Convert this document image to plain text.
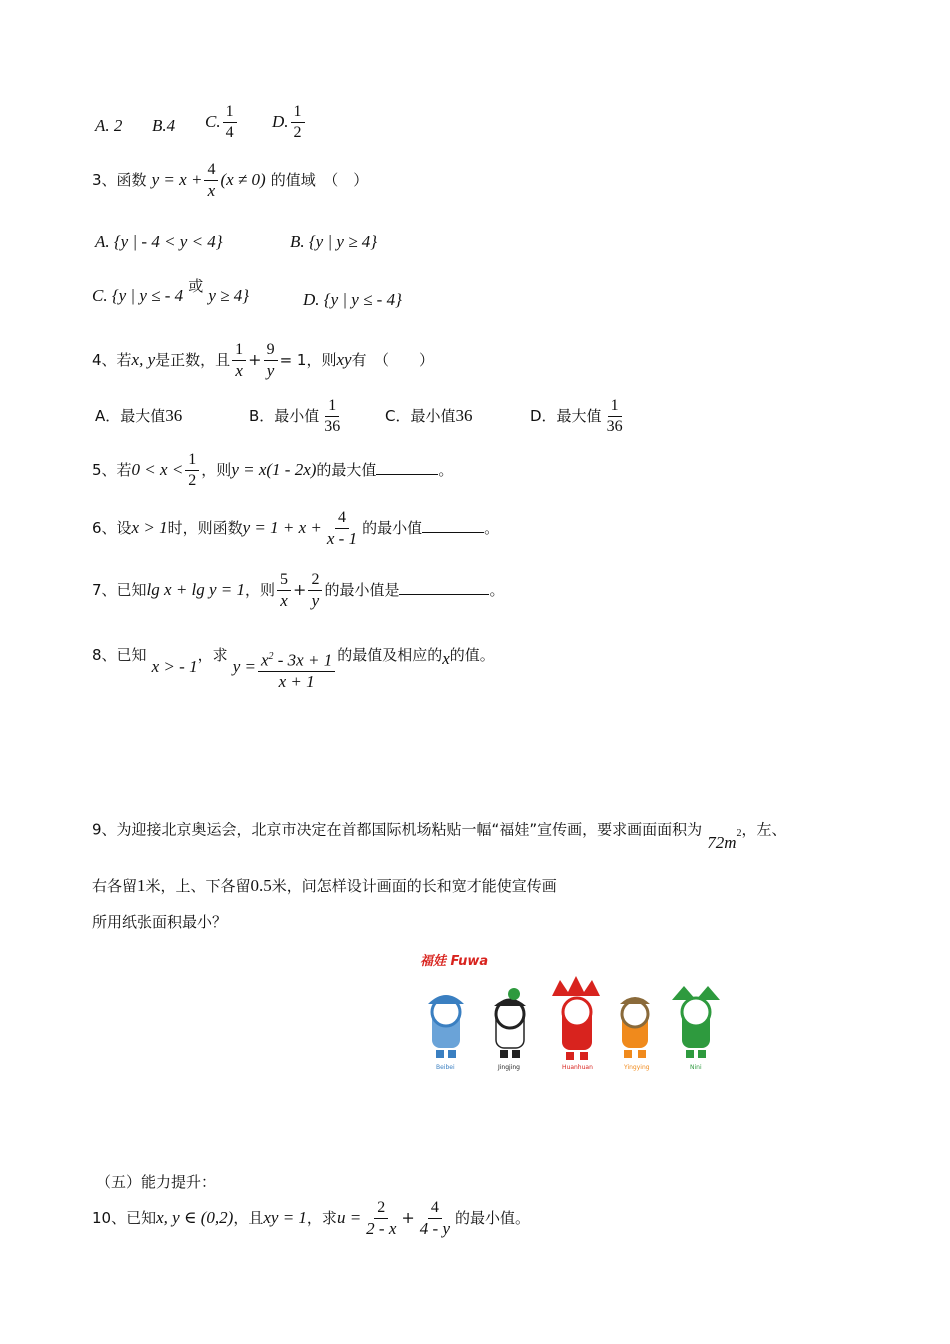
A. 2 B.4 C. $\frac{1}{4} D$. $\frac{1}{2}$
3、函数 $y = x + \frac{4}{x} (x \ne 0)$ 的值域　（　）
A. {y | - 4 < y < 4}	B. {y | y ≥ 4}
C. {y | y ≤ - 4 或 y ≥ 4}	D. {y | y ≤ - 4}
4、若x, y是正数，且 $\frac{1}{x} + \frac{9}{y} = 1$，则xy有　（　　）
A．最大值36	B．最小值 $\frac{1}{36}$	C．最小值36	D．最大值 $\frac{1}{36}$
5、若$0 < x < \frac{1}{2}$ ，则y = x(1 - 2x)的最大值	。
6、设x > 1时，则函数$y = 1 + x + \frac{4}{x - 1}$ 的最小值	。
7、已知lg x + lg y = 1，则 $\frac{5}{x} + \frac{2}{y}$ 的最小值是	。
8、已知 x > - 1，求 $y = \frac{x^2 - 3x + 1}{x + 1}$ 的最值及相应的x的值。
9、为迎接北京奥运会，北京市决定在首都国际机场粘贴一幅“福娃”宣传画，要求画面面积为 $72m^2$，左、
右各留1米，上、下各留0.5米，问怎样设计画面的长和宽才能使宣传画
所用纸张面积最小？
福娃 Fuwa
Beibei	Jingjing	Huanhuan	Yingying	Nini
（五）能力提升：
10、已知x, y ∈ (0,2)，且xy = 1，求$u = \frac{2}{2 - x} + \frac{4}{4 - y}$ 的最小值。
